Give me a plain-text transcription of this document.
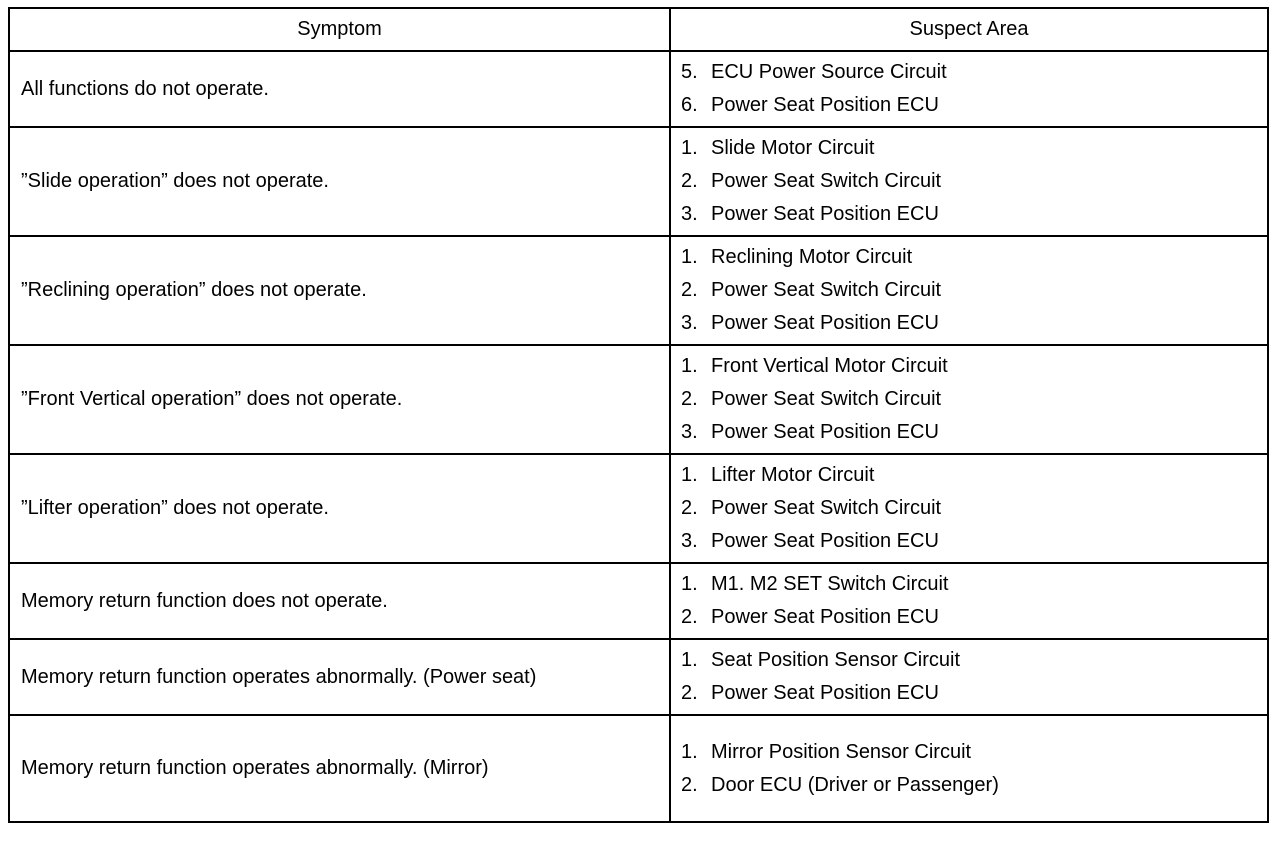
Symptom	Suspect Area
All functions do not operate.	5. ECU Power Source Circuit
6. Power Seat Position ECU

”Slide operation” does not operate.	1. Slide Motor Circuit
2. Power Seat Switch Circuit
3. Power Seat Position ECU

”Reclining operation” does not operate.	1. Reclining Motor Circuit
2. Power Seat Switch Circuit
3. Power Seat Position ECU

”Front Vertical operation” does not operate.	1. Front Vertical Motor Circuit
2. Power Seat Switch Circuit
3. Power Seat Position ECU

”Lifter operation” does not operate.	1. Lifter Motor Circuit
2. Power Seat Switch Circuit
3. Power Seat Position ECU

Memory return function does not operate.	1. M1. M2 SET Switch Circuit
2. Power Seat Position ECU

Memory return function operates abnormally. (Power seat)	1. Seat Position Sensor Circuit
2. Power Seat Position ECU

Memory return function operates abnormally. (Mirror)	1. Mirror Position Sensor Circuit
2. Door ECU (Driver or Passenger)
